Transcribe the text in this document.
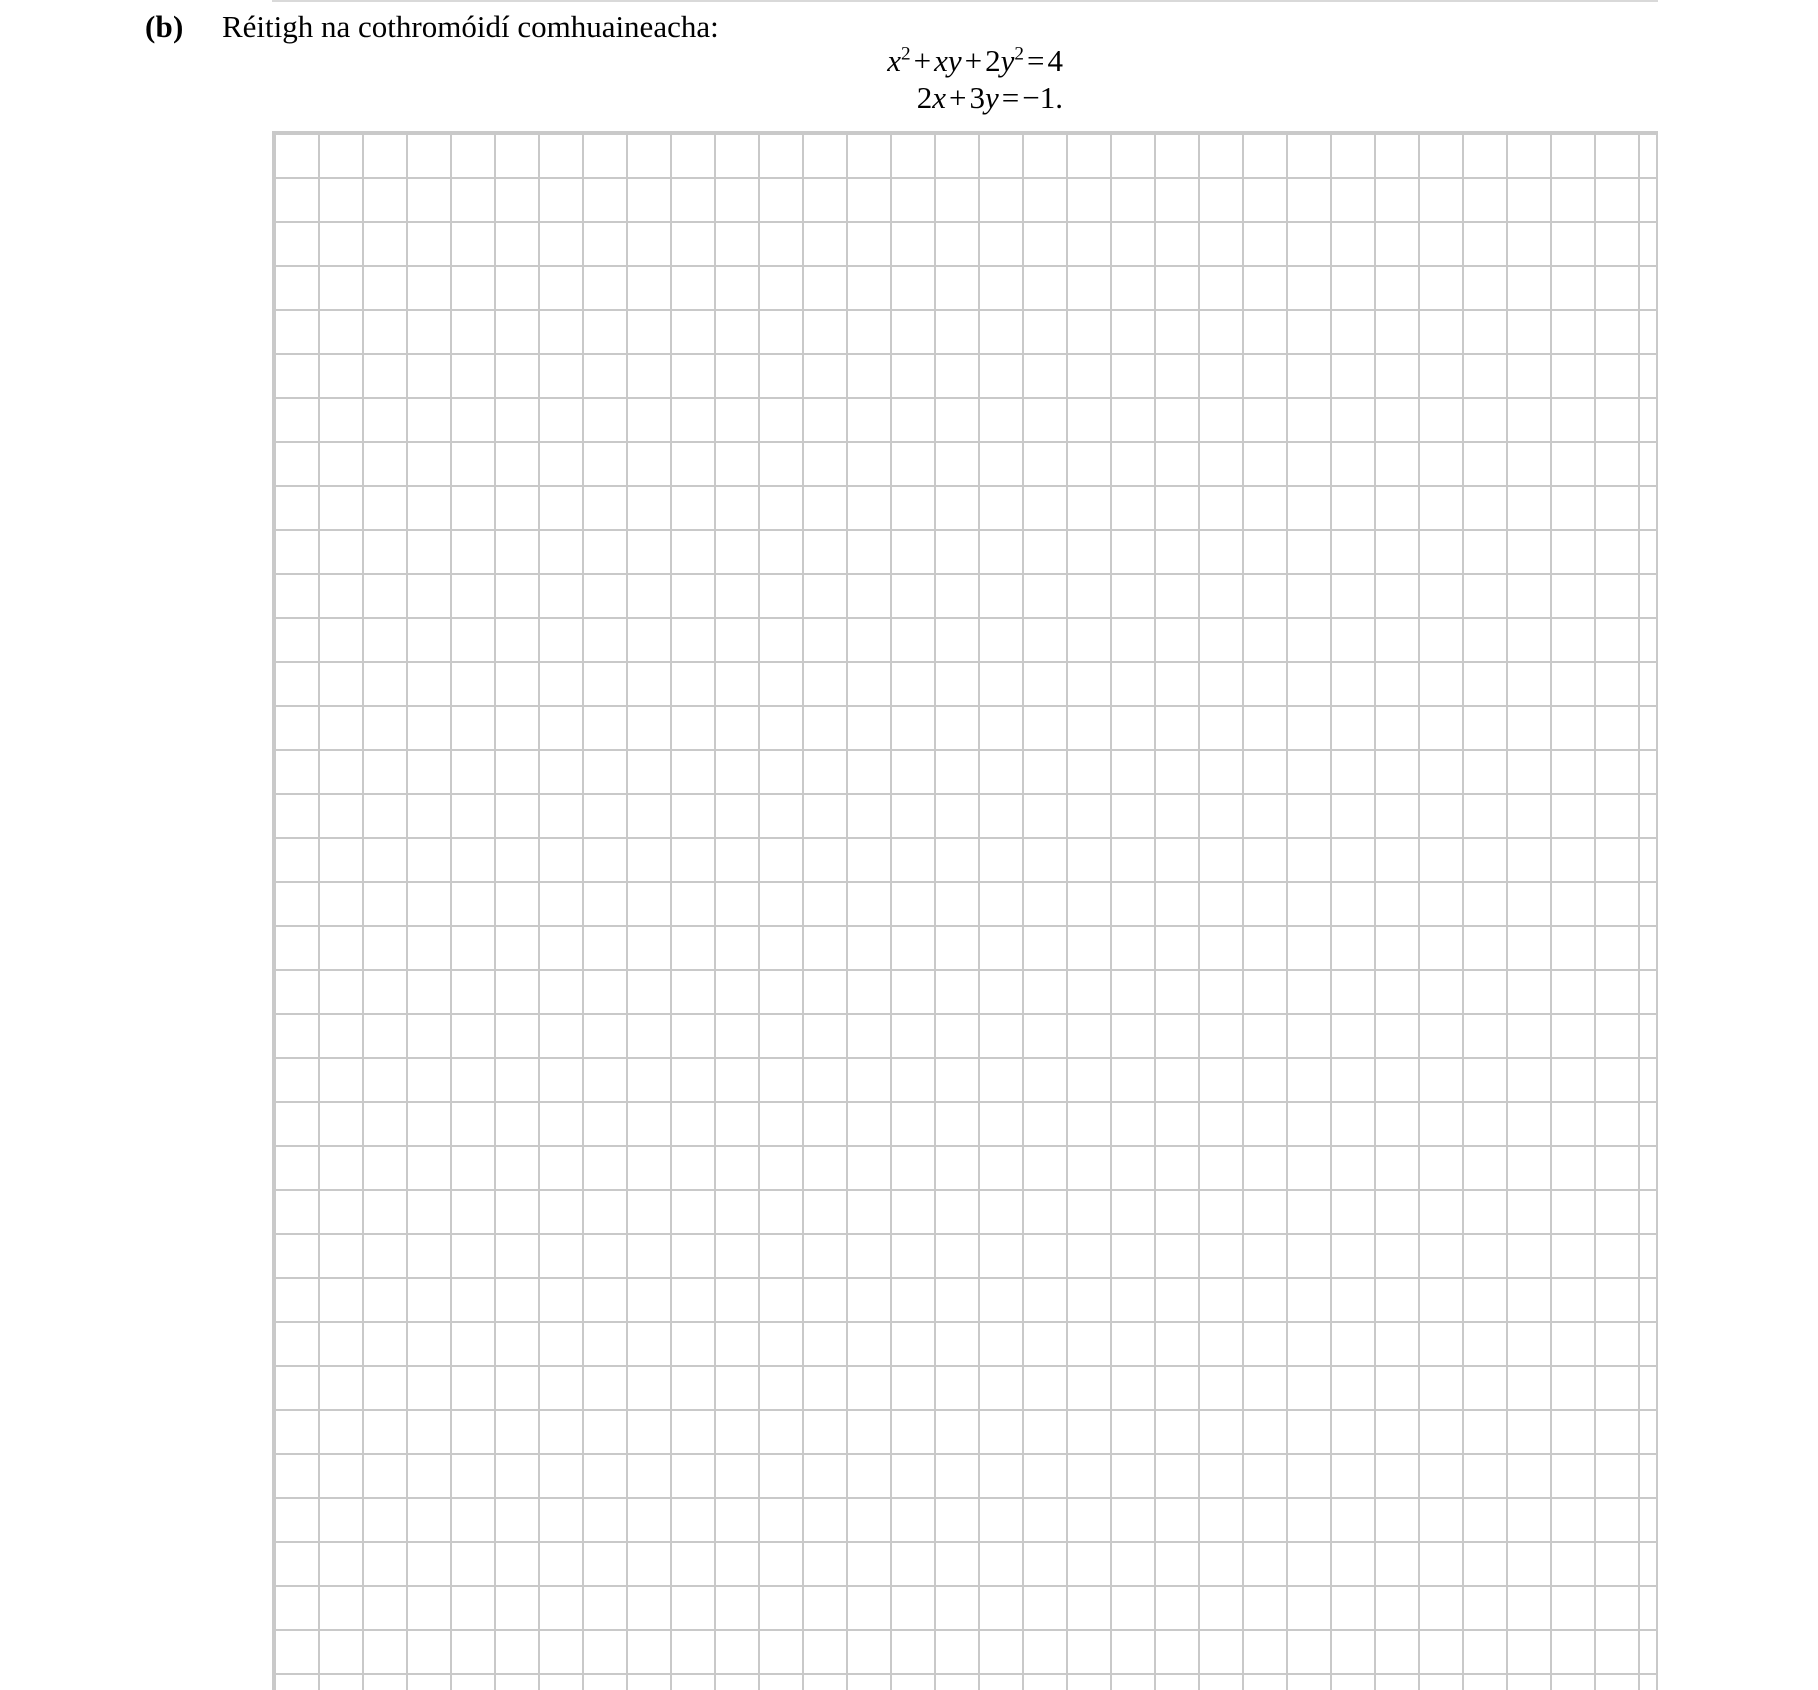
(b) Réitigh na cothromóidí comhuaineacha:
$x^2+xy+2y^2=4$
2x+3y=−1.
